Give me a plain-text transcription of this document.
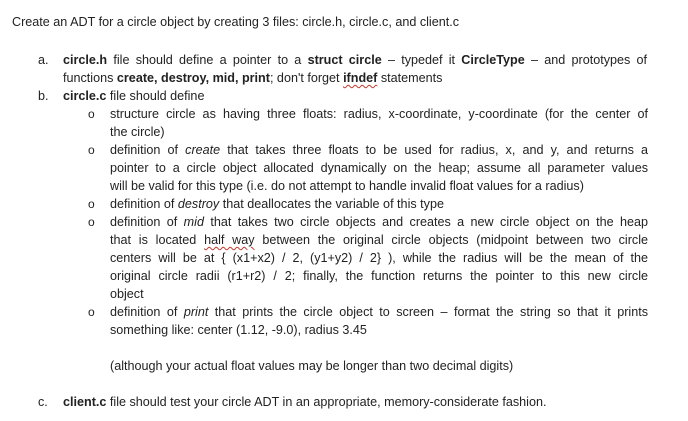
Create an ADT for a circle object by creating 3 files: circle.h, circle.c, and client.c
a. circle.h file should define a pointer to a struct circle – typedef it CircleType – and prototypes of
functions create, destroy, mid, print; don't forget ifndef statements
b. circle.c file should define
o structure circle as having three floats: radius, x-coordinate, y-coordinate (for the center of
the circle)
o definition of create that takes three floats to be used for radius, x, and y, and returns a
pointer to a circle object allocated dynamically on the heap; assume all parameter values
will be valid for this type (i.e. do not attempt to handle invalid float values for a radius)
o definition of destroy that deallocates the variable of this type
o definition of mid that takes two circle objects and creates a new circle object on the heap
that is located half way between the original circle objects (midpoint between two circle
centers will be at { (x1+x2) / 2, (y1+y2) / 2} ), while the radius will be the mean of the
original circle radii (r1+r2) / 2; finally, the function returns the pointer to this new circle
object
o definition of print that prints the circle object to screen – format the string so that it prints
something like: center (1.12, -9.0), radius 3.45
(although your actual float values may be longer than two decimal digits)
c. client.c file should test your circle ADT in an appropriate, memory-considerate fashion.
